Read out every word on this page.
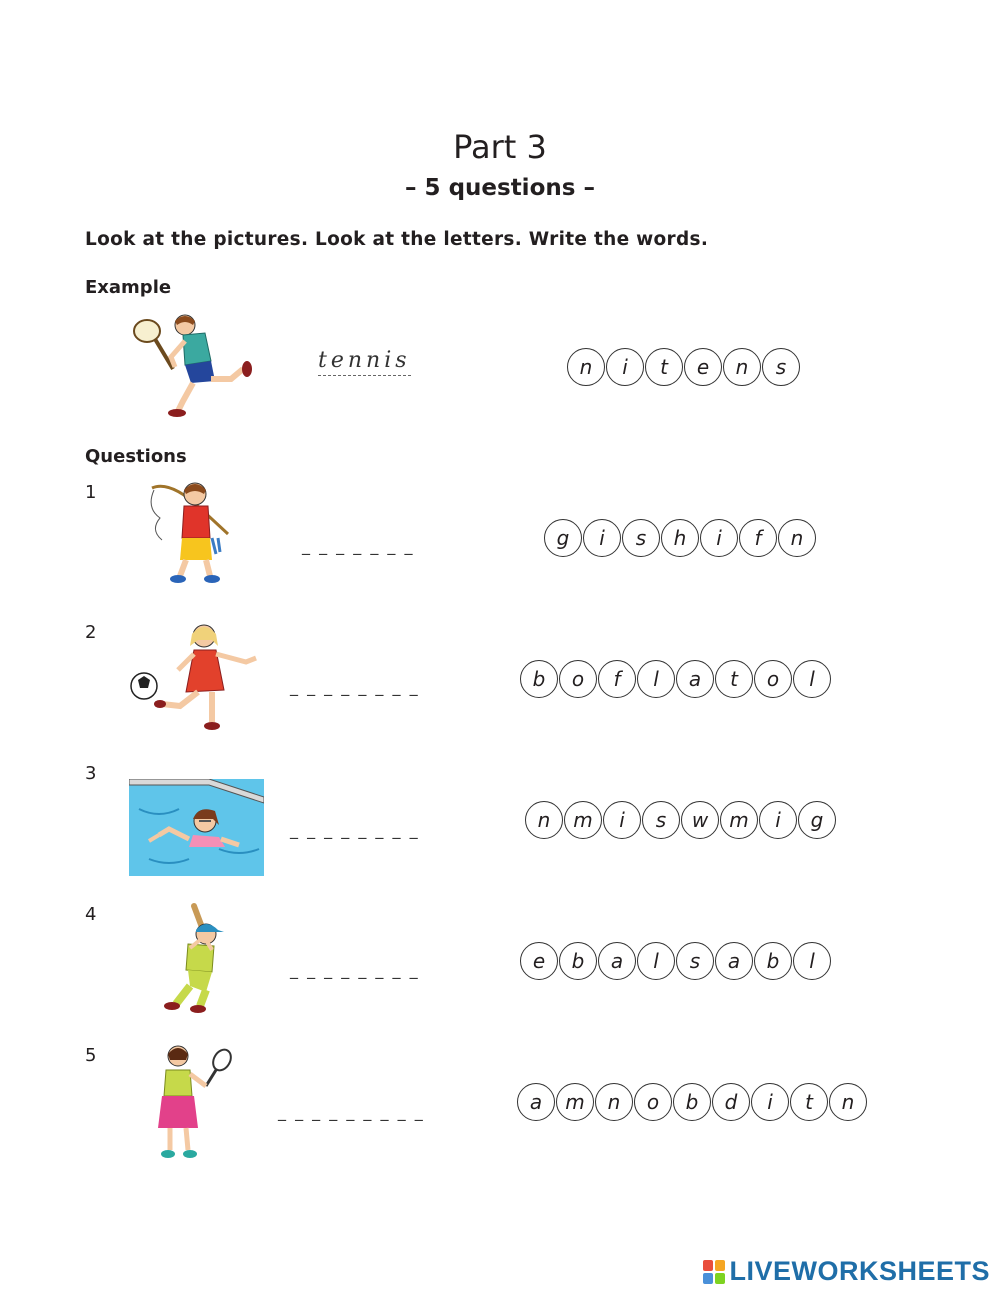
Part 3
– 5 questions –
Look at the pictures. Look at the letters. Write the words.
Example
tennis	n	i	t	e	n	s
Questions
1
_ _ _ _ _ _ _	g	i	s	h	i	f	n
2
_ _ _ _ _ _ _ _	b	o	f	l	a	t	o	l
3
_ _ _ _ _ _ _ _	n	m	i	s	w	m	i	g
4
_ _ _ _ _ _ _ _	e	b	a	l	s	a	b	l
5
_ _ _ _ _ _ _ _ _	a	m	n	o	b	d	i	t	n
LIVEWORKSHEETS
